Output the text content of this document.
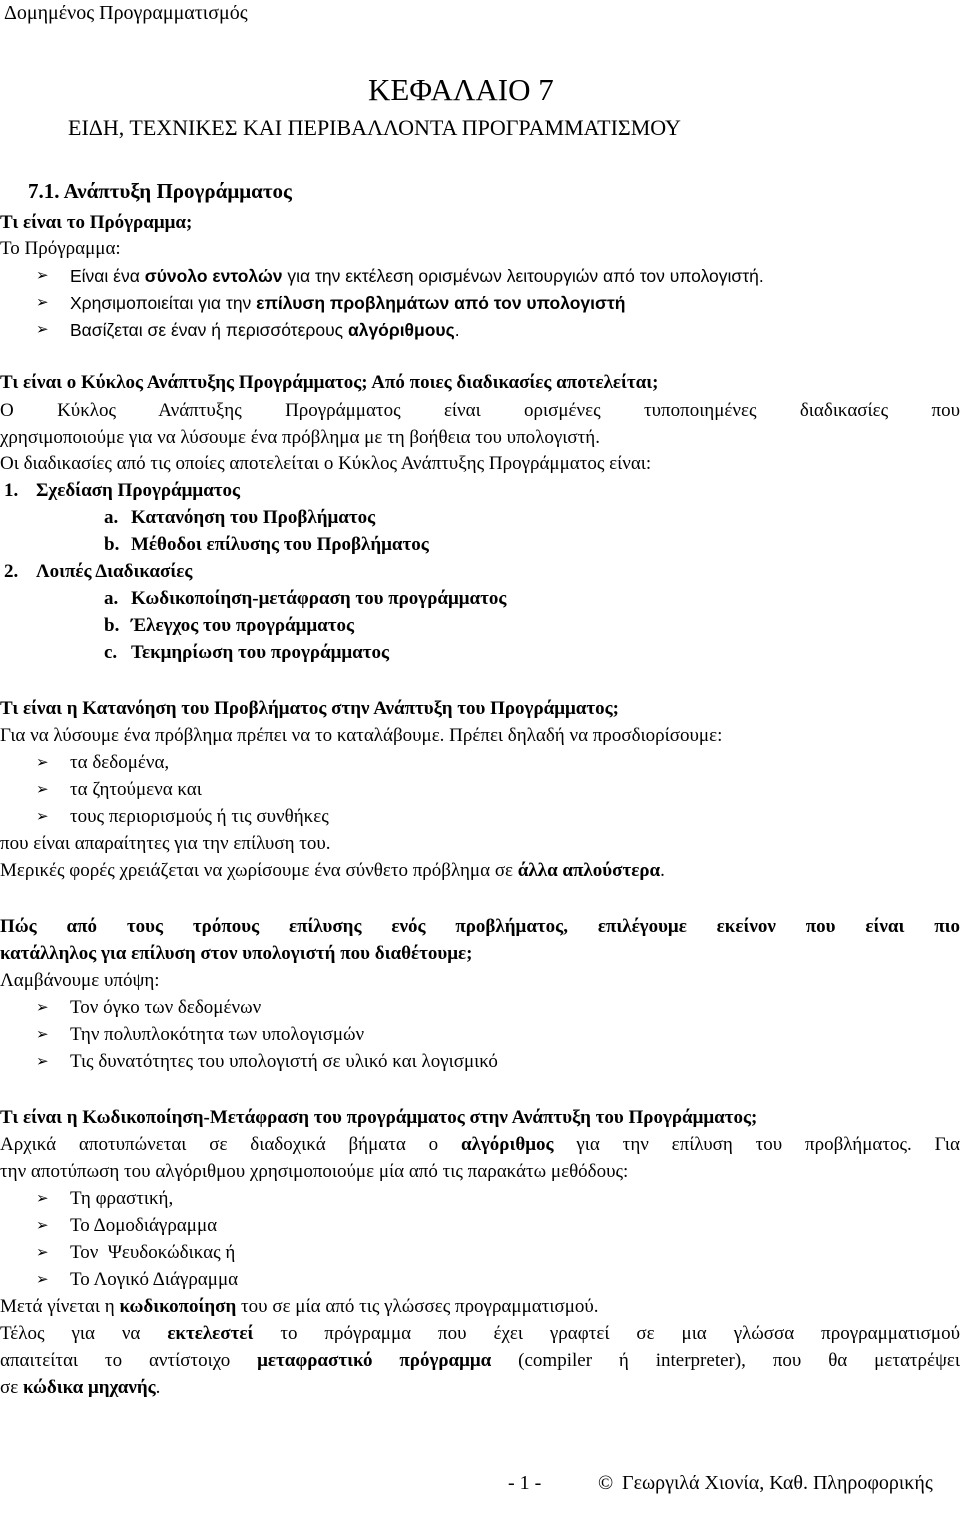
Δομημένος Προγραμματισμός
ΚΕΦΑΛΑΙΟ 7
ΕΙΔΗ, ΤΕΧΝΙΚΕΣ ΚΑΙ ΠΕΡΙΒΑΛΛΟΝΤΑ ΠΡΟΓΡΑΜΜΑΤΙΣΜΟΥ
7.1. Ανάπτυξη Προγράμματος
Τι είναι το Πρόγραμμα;
Το Πρόγραμμα:
➢ Είναι ένα σύνολο εντολών για την εκτέλεση ορισμένων λειτουργιών από τον υπολογιστή.
➢ Χρησιμοποιείται για την επίλυση προβλημάτων από τον υπολογιστή
➢ Βασίζεται σε έναν ή περισσότερους αλγόριθμους.
Τι είναι ο Κύκλος Ανάπτυξης Προγράμματος; Από ποιες διαδικασίες αποτελείται;
Ο Κύκλος Ανάπτυξης Προγράμματος είναι ορισμένες τυποποιημένες διαδικασίες που
χρησιμοποιούμε για να λύσουμε ένα πρόβλημα με τη βοήθεια του υπολογιστή.
Οι διαδικασίες από τις οποίες αποτελείται ο Κύκλος Ανάπτυξης Προγράμματος είναι:
1. Σχεδίαση Προγράμματος
a. Κατανόηση του Προβλήματος
b. Μέθοδοι επίλυσης του Προβλήματος
2. Λοιπές Διαδικασίες
a. Κωδικοποίηση-μετάφραση του προγράμματος
b. Έλεγχος του προγράμματος
c. Τεκμηρίωση του προγράμματος
Τι είναι η Κατανόηση του Προβλήματος στην Ανάπτυξη του Προγράμματος;
Για να λύσουμε ένα πρόβλημα πρέπει να το καταλάβουμε. Πρέπει δηλαδή να προσδιορίσουμε:
➢ τα δεδομένα,
➢ τα ζητούμενα και
➢ τους περιορισμούς ή τις συνθήκες
που είναι απαραίτητες για την επίλυση του.
Μερικές φορές χρειάζεται να χωρίσουμε ένα σύνθετο πρόβλημα σε άλλα απλούστερα.
Πώς από τους τρόπους επίλυσης ενός προβλήματος, επιλέγουμε εκείνον που είναι πιο
κατάλληλος για επίλυση στον υπολογιστή που διαθέτουμε;
Λαμβάνουμε υπόψη:
➢ Τον όγκο των δεδομένων
➢ Την πολυπλοκότητα των υπολογισμών
➢ Τις δυνατότητες του υπολογιστή σε υλικό και λογισμικό
Τι είναι η Κωδικοποίηση-Μετάφραση του προγράμματος στην Ανάπτυξη του Προγράμματος;
Αρχικά αποτυπώνεται σε διαδοχικά βήματα ο αλγόριθμος για την επίλυση του προβλήματος. Για
την αποτύπωση του αλγόριθμου χρησιμοποιούμε μία από τις παρακάτω μεθόδους:
➢ Τη φραστική,
➢ Το Δομοδιάγραμμα
➢ Τον  Ψευδοκώδικας ή
➢ Το Λογικό Διάγραμμα
Μετά γίνεται η κωδικοποίηση του σε μία από τις γλώσσες προγραμματισμού.
Τέλος για να εκτελεστεί το πρόγραμμα που έχει γραφτεί σε μια γλώσσα προγραμματισμού
απαιτείται το αντίστοιχο μεταφραστικό πρόγραμμα (compiler ή interpreter), που θα μετατρέψει
σε κώδικα μηχανής.
- 1 -	© Γεωργιλά Χιονία, Καθ. Πληροφορικής
